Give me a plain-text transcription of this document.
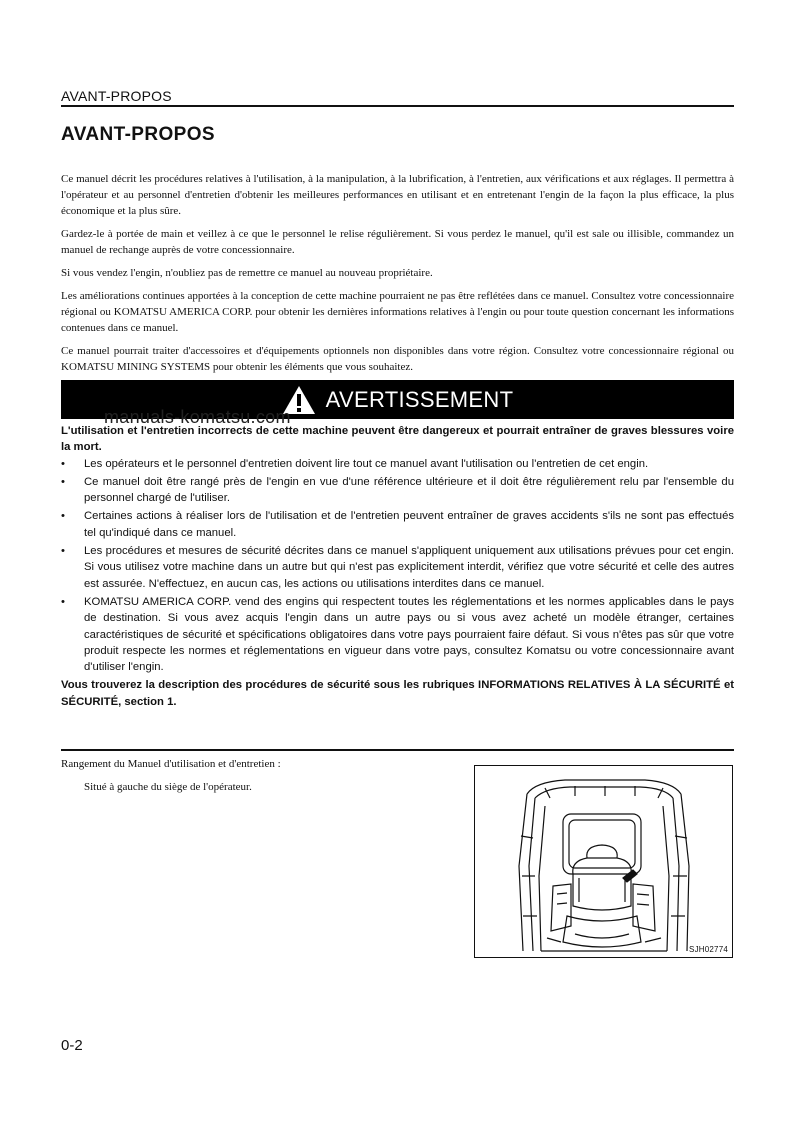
AVANT-PROPOS
AVANT-PROPOS

Ce manuel décrit les procédures relatives à l'utilisation, à la manipulation, à la lubrification, à l'entretien, aux vérifications et aux réglages. Il permettra à l'opérateur et au personnel d'entretien d'obtenir les meilleures performances en utilisant et en entretenant l'engin de la façon la plus efficace, la plus économique et la plus sûre.

Gardez-le à portée de main et veillez à ce que le personnel le relise régulièrement. Si vous perdez le manuel, qu'il est sale ou illisible, commandez un manuel de rechange auprès de votre concessionnaire.

Si vous vendez l'engin, n'oubliez pas de remettre ce manuel au nouveau propriétaire.

Les améliorations continues apportées à la conception de cette machine pourraient ne pas être reflétées dans ce manuel. Consultez votre concessionnaire régional ou KOMATSU AMERICA CORP. pour obtenir les dernières informations relatives à l'engin ou pour toute question concernant les informations contenues dans ce manuel.

Ce manuel pourrait traiter d'accessoires et d'équipements optionnels non disponibles dans votre région. Consultez votre concessionnaire régional ou KOMATSU MINING SYSTEMS pour obtenir les éléments que vous souhaitez.

AVERTISSEMENT
manuals-komatsu.com

L'utilisation et l'entretien incorrects de cette machine peuvent être dangereux et pourrait entraîner de graves blessures voire la mort.

• Les opérateurs et le personnel d'entretien doivent lire tout ce manuel avant l'utilisation ou l'entretien de cet engin.
• Ce manuel doit être rangé près de l'engin en vue d'une référence ultérieure et il doit être régulièrement relu par l'ensemble du personnel chargé de l'utiliser.
• Certaines actions à réaliser lors de l'utilisation et de l'entretien peuvent entraîner de graves accidents s'ils ne sont pas effectués tel qu'indiqué dans ce manuel.
• Les procédures et mesures de sécurité décrites dans ce manuel s'appliquent uniquement aux utilisations prévues pour cet engin. Si vous utilisez votre machine dans un autre but qui n'est pas explicitement interdit, vérifiez que votre sécurité et celle des autres est assurée. N'effectuez, en aucun cas, les actions ou utilisations interdites dans ce manuel.
• KOMATSU AMERICA CORP. vend des engins qui respectent toutes les réglementations et les normes applicables dans le pays de destination. Si vous avez acquis l'engin dans un autre pays ou si vous avez acheté un modèle étranger, certaines caractéristiques de sécurité et spécifications obligatoires dans votre pays pourraient faire défaut. Si vous n'êtes pas sûr que votre produit respecte les normes et réglementations en vigueur dans votre pays, consultez Komatsu ou votre concessionnaire avant d'utiliser l'engin.

Vous trouverez la description des procédures de sécurité sous les rubriques INFORMATIONS RELATIVES À LA SÉCURITÉ et SÉCURITÉ, section 1.

Rangement du Manuel d'utilisation et d'entretien :
Situé à gauche du siège de l'opérateur.
SJH02774
0-2
